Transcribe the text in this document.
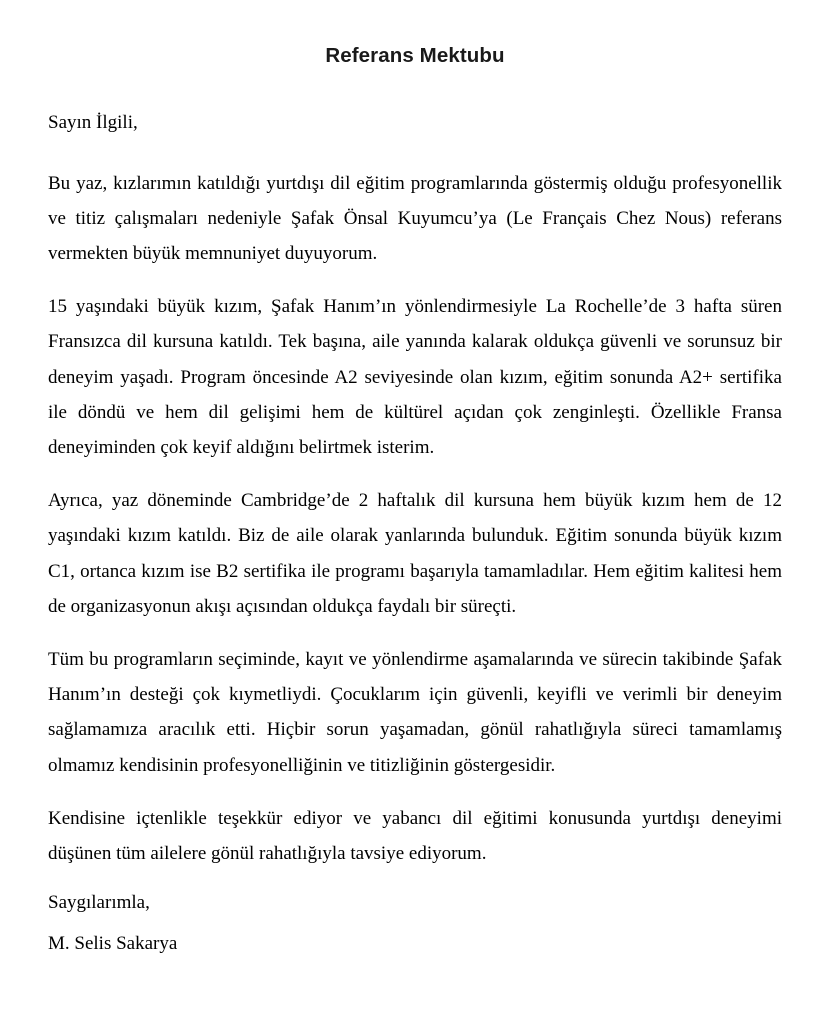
Referans Mektubu

Sayın İlgili,

Bu yaz, kızlarımın katıldığı yurtdışı dil eğitim programlarında göstermiş olduğu profesyonellik ve titiz çalışmaları nedeniyle Şafak Önsal Kuyumcu’ya (Le Français Chez Nous) referans vermekten büyük memnuniyet duyuyorum.

15 yaşındaki büyük kızım, Şafak Hanım’ın yönlendirmesiyle La Rochelle’de 3 hafta süren Fransızca dil kursuna katıldı. Tek başına, aile yanında kalarak oldukça güvenli ve sorunsuz bir deneyim yaşadı. Program öncesinde A2 seviyesinde olan kızım, eğitim sonunda A2+ sertifika ile döndü ve hem dil gelişimi hem de kültürel açıdan çok zenginleşti. Özellikle Fransa deneyiminden çok keyif aldığını belirtmek isterim.

Ayrıca, yaz döneminde Cambridge’de 2 haftalık dil kursuna hem büyük kızım hem de 12 yaşındaki kızım katıldı. Biz de aile olarak yanlarında bulunduk. Eğitim sonunda büyük kızım C1, ortanca kızım ise B2 sertifika ile programı başarıyla tamamladılar. Hem eğitim kalitesi hem de organizasyonun akışı açısından oldukça faydalı bir süreçti.

Tüm bu programların seçiminde, kayıt ve yönlendirme aşamalarında ve sürecin takibinde Şafak Hanım’ın desteği çok kıymetliydi. Çocuklarım için güvenli, keyifli ve verimli bir deneyim sağlamamıza aracılık etti. Hiçbir sorun yaşamadan, gönül rahatlığıyla süreci tamamlamış olmamız kendisinin profesyonelliğinin ve titizliğinin göstergesidir.

Kendisine içtenlikle teşekkür ediyor ve yabancı dil eğitimi konusunda yurtdışı deneyimi düşünen tüm ailelere gönül rahatlığıyla tavsiye ediyorum.

Saygılarımla,

M. Selis Sakarya
